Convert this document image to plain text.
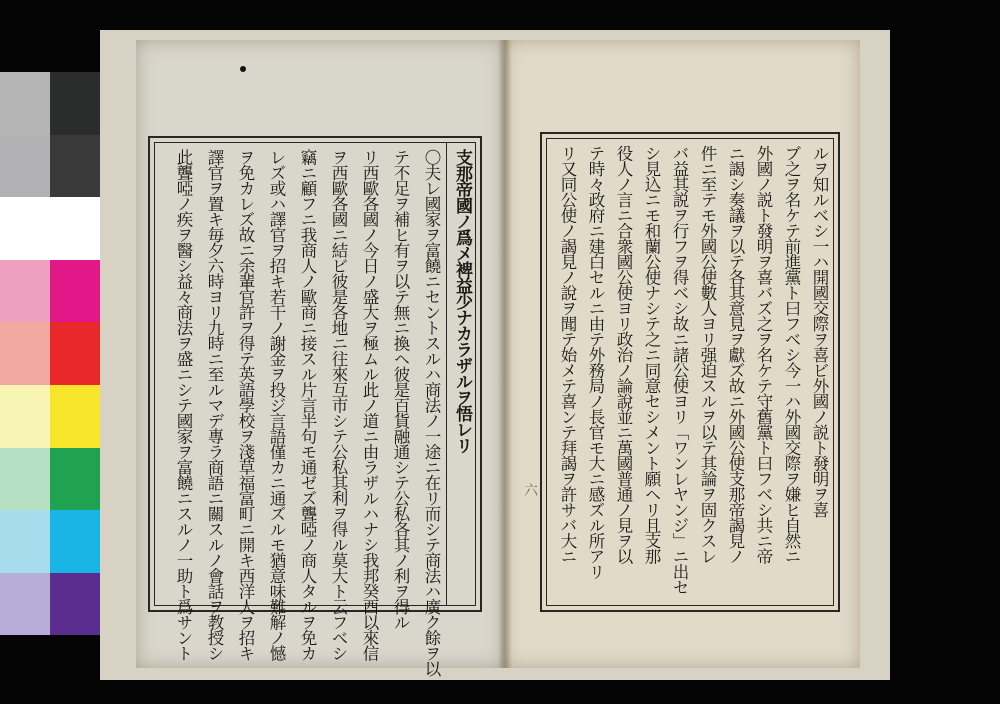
支那帝國ノ爲メ裨益少ナカラザルヲ悟レリ
〇夫レ國家ヲ富饒ニセントスルハ商法ノ一途ニ在リ而シテ商法ハ廣ク餘ヲ以
テ不足ヲ補ヒ有ヲ以テ無ニ換ヘ彼是百貨融通シテ公私各其ノ利ヲ得ル
リ西歐各國ノ今日ノ盛大ヲ極ムル此ノ道ニ由ラザルハナシ我邦癸酉以來信
ヲ西歐各國ニ結ビ彼是各地ニ往來互市シテ公私其利ヲ得ル莫大ト云フベシ
竊ニ顧フニ我商人ノ歐商ニ接スル片言半句モ通ゼズ聾啞ノ商人タルヲ免カ
レズ或ハ譯官ヲ招キ若干ノ謝金ヲ投ジ言語僅カニ通ズルモ猶意味難解ノ憾
ヲ免カレズ故ニ余輩官許ヲ得テ英語學校ヲ淺草福富町ニ開キ西洋人ヲ招キ
譯官ヲ置キ毎夕六時ヨリ九時ニ至ルマデ專ラ商語ニ關スルノ會話ヲ教授シ
此聾啞ノ疾ヲ醫シ益々商法ヲ盛ニシテ國家ヲ富饒ニスルノ一助ト爲サント	ルヲ知ルベシ一ハ開國交際ヲ喜ビ外國ノ説ト發明ヲ喜
ブ之ヲ名ケテ前進黨ト曰フベシ今一ハ外國交際ヲ嫌ヒ自然ニ
外國ノ説ト發明ヲ喜バズ之ヲ名ケテ守舊黨ト曰フベシ共ニ帝
ニ謁シ奏議ヲ以テ各其意見ヲ獻ズ故ニ外國公使支那帝謁見ノ
件ニ至テモ外國公使數人ヨリ强迫スルヲ以テ其論ヲ固クスレ
バ益其説ヲ行フヲ得ベシ故ニ諸公使ヨリ「ワンレヤンジ」ニ出セ
シ見込ニモ和蘭公使ナシテ之ニ同意セシメント願ヘリ且支那
役人ノ言ニ合衆國公使ヨリ政治ノ論說並ニ萬國普通ノ見ヲ以
テ時々政府ニ建白セルニ由テ外務局ノ長官モ大ニ感ズル所アリ
リ又同公使ノ謁見ノ說ヲ聞テ始メテ喜ンテ拜謁ヲ許サバ大ニ
六
